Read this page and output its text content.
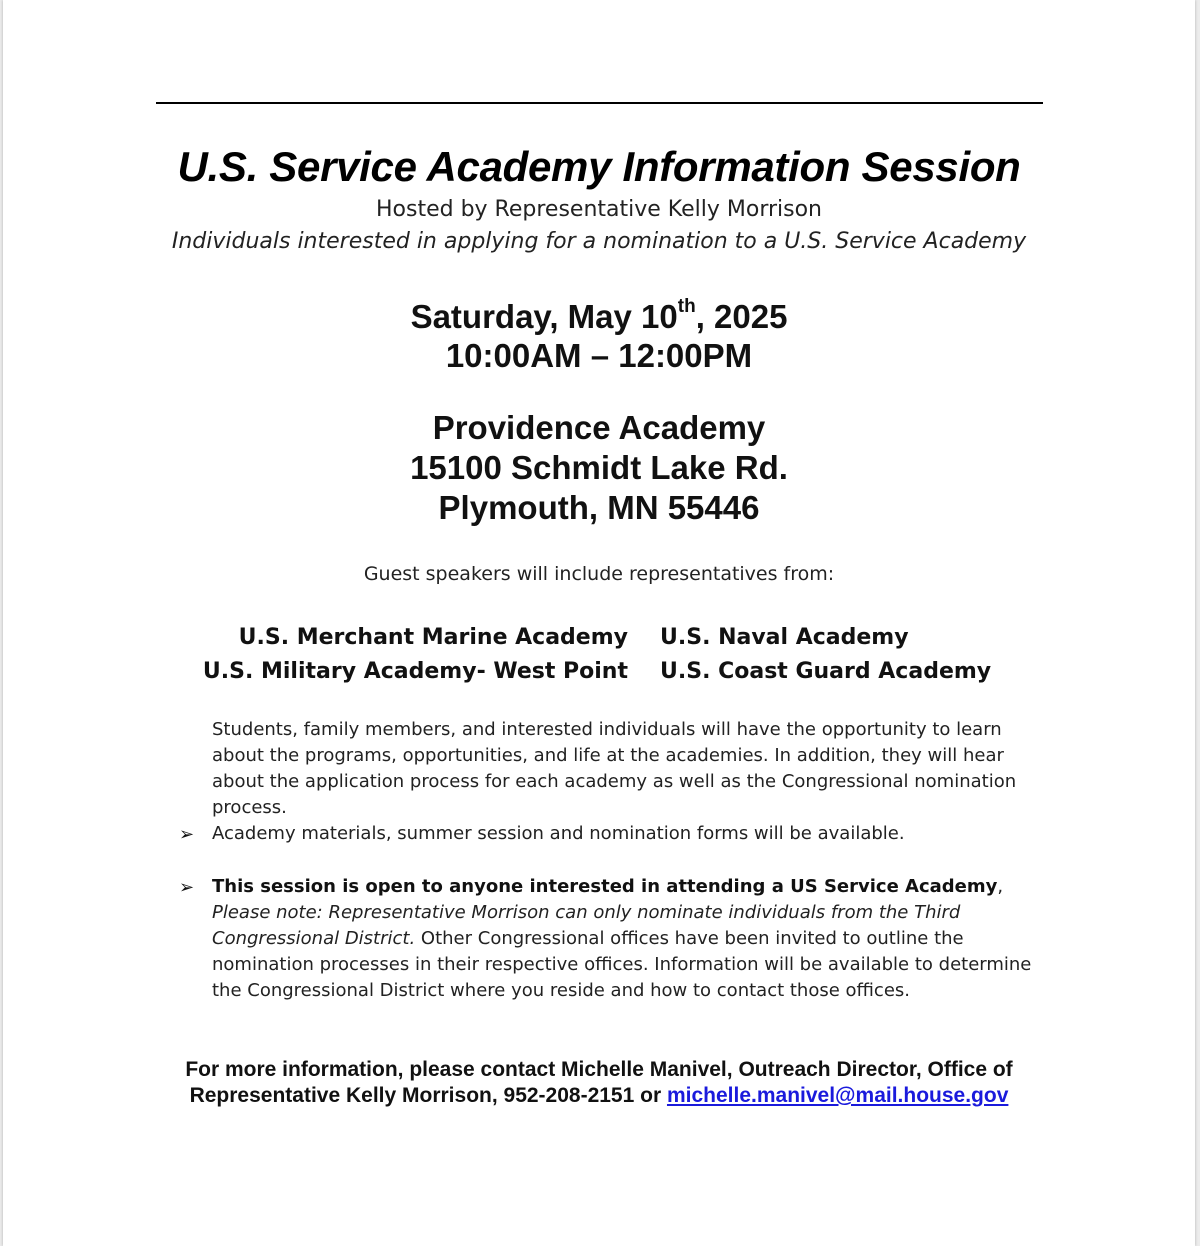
U.S. Service Academy Information Session
Hosted by Representative Kelly Morrison
Individuals interested in applying for a nomination to a U.S. Service Academy
Saturday, May 10th, 2025
10:00AM – 12:00PM
Providence Academy
15100 Schmidt Lake Rd.
Plymouth, MN 55446
Guest speakers will include representatives from:
U.S. Merchant Marine Academy U.S. Naval Academy
U.S. Military Academy- West Point U.S. Coast Guard Academy
Students, family members, and interested individuals will have the opportunity to learn about the programs, opportunities, and life at the academies. In addition, they will hear about the application process for each academy as well as the Congressional nomination process.
➢ Academy materials, summer session and nomination forms will be available.
➢ This session is open to anyone interested in attending a US Service Academy, Please note: Representative Morrison can only nominate individuals from the Third Congressional District. Other Congressional offices have been invited to outline the nomination processes in their respective offices. Information will be available to determine the Congressional District where you reside and how to contact those offices.
For more information, please contact Michelle Manivel, Outreach Director, Office of
Representative Kelly Morrison, 952-208-2151 or michelle.manivel@mail.house.gov
